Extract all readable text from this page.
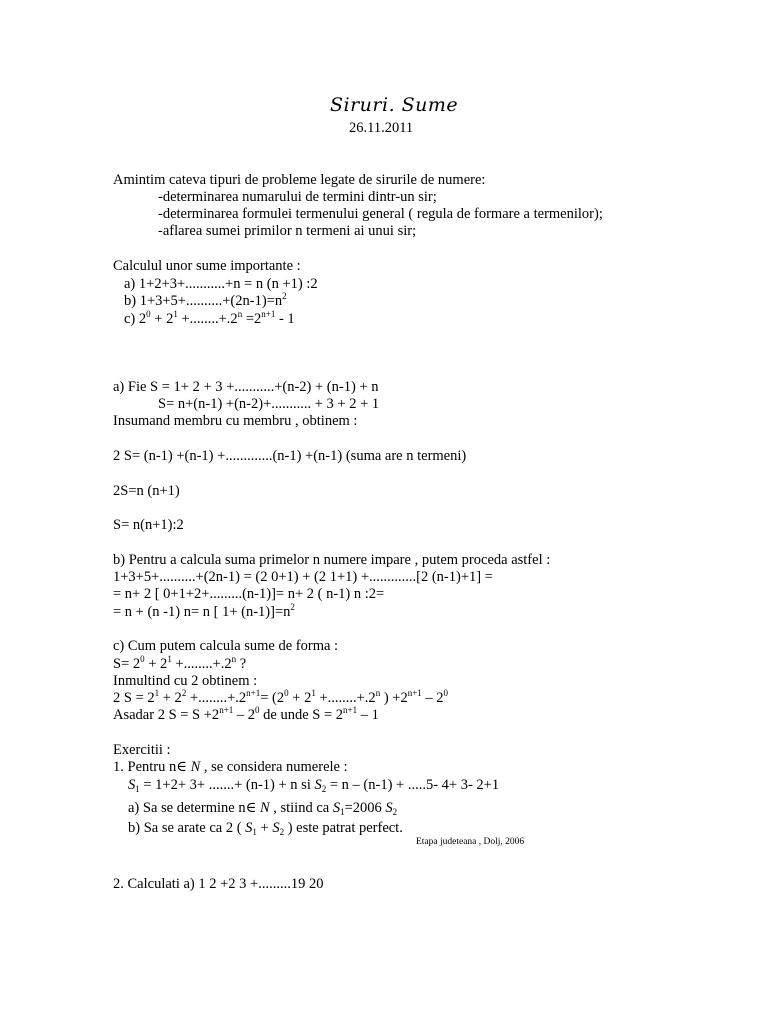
Siruri. Sume
26.11.2011
Amintim cateva tipuri de probleme legate de sirurile de numere:
-determinarea numarului de termini dintr-un sir;
-determinarea formulei termenului general ( regula de formare a termenilor);
-aflarea sumei primilor n termeni ai unui sir;
Calculul unor sume importante :
a) 1+2+3+...........+n = n (n +1) :2
b) $1+3+5+..........+(2n-1)=n^2$
c) $2^0 + 2^1 +........+.2^n =2^{n+1} - 1$
a) Fie S = 1+ 2 + 3 +...........+(n-2) + (n-1) + n
S= n+(n-1) +(n-2)+........... + 3 + 2 + 1
Insumand membru cu membru , obtinem :
2 S= (n-1) +(n-1) +.............(n-1) +(n-1) (suma are n termeni)
2S=n (n+1)
S= n(n+1):2
b) Pentru a calcula suma primelor n numere impare , putem proceda astfel :
1+3+5+..........+(2n-1) = (2 0+1) + (2 1+1) +.............[2 (n-1)+1] =
= n+ 2 [ 0+1+2+.........(n-1)]= n+ 2 ( n-1) n :2=
= n + (n -1) n= n [ $1+ (n-1)]=n^2$
c) Cum putem calcula sume de forma :
$S= 2^0 + 2^1 +........+.2^n$ ?
Inmultind cu 2 obtinem :
2 $S = 2^1 + 2^2 +........+.2^{n+1}= (2^0 + 2^1 +........+.2^n$ ) $+2^{n+1} - 2^0$
Asadar 2 $S = S +2^{n+1} - 2^0$ de unde $S = 2^{n+1} - 1$
Exercitii :
1. Pentru n∈ N , se considera numerele :
$S_1 = 1+2+ 3+$ .......+ (n-1) + n si $S_2 = n - (n-1) + .....5-$ 4+ 3- 2+1
a) Sa se determine n∈ N , stiind ca $S_1=2006$ $S_2$
b) Sa se arate ca 2 ( $S_1 + S_2$ ) este patrat perfect.
Etapa judeteana , Dolj, 2006
2. Calculati a) 1 2 +2 3 +.........19 20
